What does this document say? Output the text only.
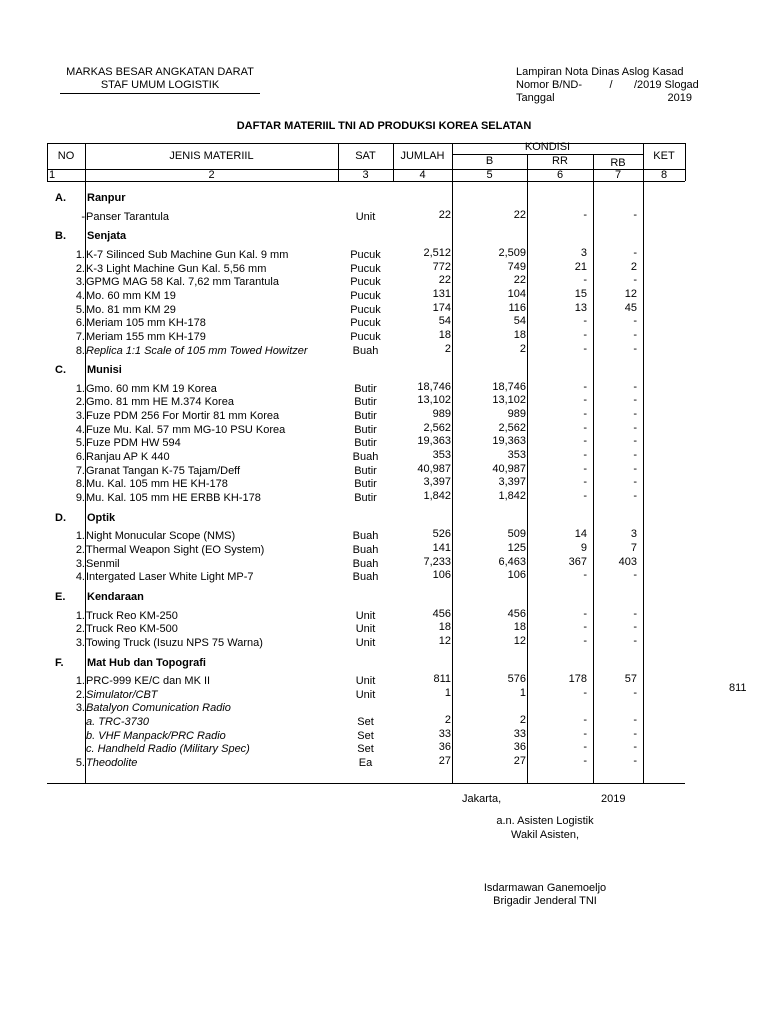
MARKAS BESAR ANGKATAN DARAT
STAF UMUM LOGISTIK
Lampiran Nota Dinas Aslog Kasad
Nomor B/ND-         /       /2019 Slogad
Tanggal	2019
DAFTAR MATERIIL TNI AD PRODUKSI KOREA SELATAN
NO	JENIS MATERIIL	SAT	JUMLAH
KONDISI
B	RR	RB
KET
1	2	3	4	5	6	7	8
A.	Ranpur
- Panser Tarantula	Unit	22	22	-	-
B.	Senjata
1. K-7 Silinced Sub Machine Gun Kal. 9 mm	Pucuk	2,512	2,509	3	-
2. K-3 Light Machine Gun Kal. 5,56 mm	Pucuk	772	749	21	2
3. GPMG MAG 58 Kal. 7,62 mm Tarantula	Pucuk	22	22	-	-
4. Mo. 60 mm KM 19	Pucuk	131	104	15	12
5. Mo. 81 mm KM 29	Pucuk	174	116	13	45
6. Meriam 105 mm KH-178	Pucuk	54	54	-	-
7. Meriam 155 mm KH-179	Pucuk	18	18	-	-
8. Replica 1:1 Scale of 105 mm Towed Howitzer	Buah	2	2	-	-
C.	Munisi
1. Gmo. 60 mm KM 19 Korea	Butir	18,746	18,746	-	-
2. Gmo. 81 mm HE M.374 Korea	Butir	13,102	13,102	-	-
3. Fuze PDM 256 For Mortir 81 mm Korea	Butir	989	989	-	-
4. Fuze Mu. Kal. 57 mm MG-10 PSU Korea	Butir	2,562	2,562	-	-
5. Fuze PDM HW 594	Butir	19,363	19,363	-	-
6. Ranjau AP K 440	Buah	353	353	-	-
7. Granat Tangan K-75 Tajam/Deff	Butir	40,987	40,987	-	-
8. Mu. Kal. 105 mm HE KH-178	Butir	3,397	3,397	-	-
9. Mu. Kal. 105 mm HE ERBB KH-178	Butir	1,842	1,842	-	-
D.	Optik
1. Night Monucular Scope (NMS)	Buah	526	509	14	3
2. Thermal Weapon Sight (EO System)	Buah	141	125	9	7
3. Senmil	Buah	7,233	6,463	367	403
4. Intergated Laser White Light MP-7	Buah	106	106	-	-
E.	Kendaraan
1. Truck Reo KM-250	Unit	456	456	-	-
2. Truck Reo KM-500	Unit	18	18	-	-
3. Towing Truck (Isuzu NPS 75 Warna)	Unit	12	12	-	-
F.	Mat Hub dan Topografi
1. PRC-999 KE/C dan MK II	Unit	811	576	178	57
2. Simulator/CBT	Unit	1	1	-	-
3. Batalyon Comunication Radio
a. TRC-3730	Set	2	2	-	-
b. VHF Manpack/PRC Radio	Set	33	33	-	-
c. Handheld Radio (Military Spec)	Set	36	36	-	-
5. Theodolite	Ea	27	27	-	-
811
Jakarta,	2019
a.n. Asisten Logistik
Wakil Asisten,
Isdarmawan Ganemoeljo
Brigadir Jenderal TNI
